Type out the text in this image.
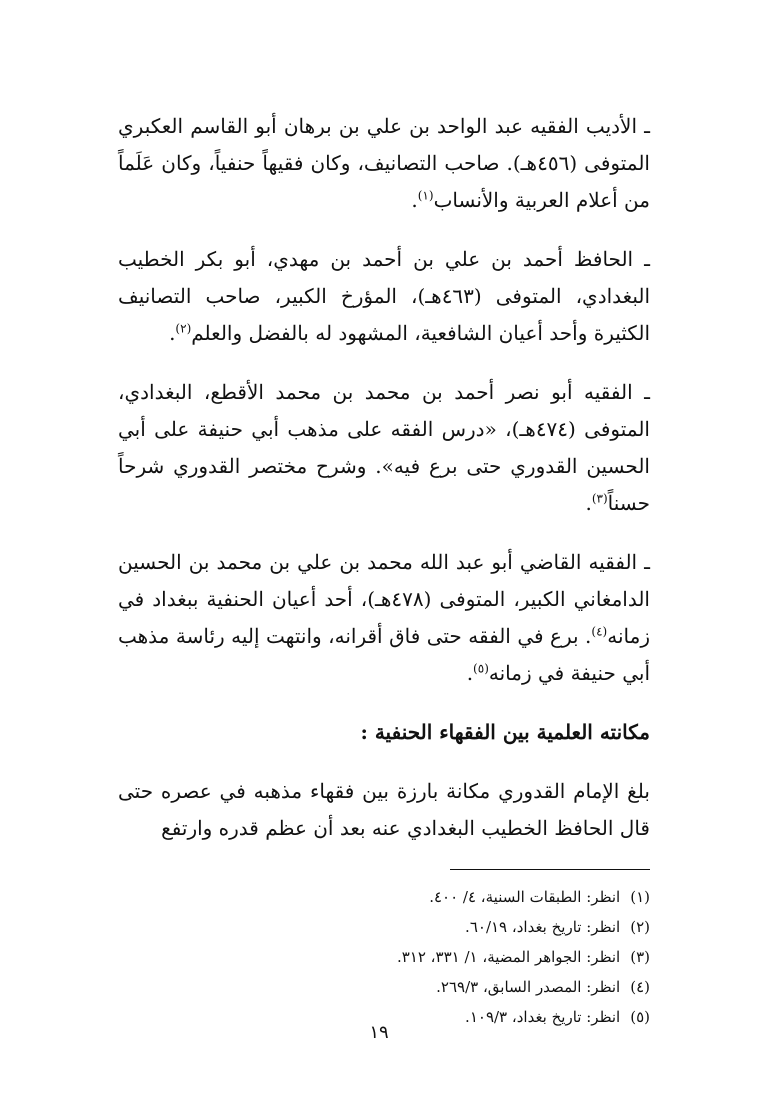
ـ الأديب الفقيه عبد الواحد بن علي بن برهان أبو القاسم العكبري المتوفى (٤٥٦هـ). صاحب التصانيف، وكان فقيهاً حنفياً، وكان عَلَماً من أعلام العربية والأنساب$^{(١)}$.

ـ الحافظ أحمد بن علي بن أحمد بن مهدي، أبو بكر الخطيب البغدادي، المتوفى (٤٦٣هـ)، المؤرخ الكبير، صاحب التصانيف الكثيرة وأحد أعيان الشافعية، المشهود له بالفضل والعلم$^{(٢)}$.

ـ الفقيه أبو نصر أحمد بن محمد بن محمد الأقطع، البغدادي، المتوفى (٤٧٤هـ)، «درس الفقه على مذهب أبي حنيفة على أبي الحسين القدوري حتى برع فيه». وشرح مختصر القدوري شرحاً حسناً$^{(٣)}$.

ـ الفقيه القاضي أبو عبد الله محمد بن علي بن محمد بن الحسين الدامغاني الكبير، المتوفى (٤٧٨هـ)، أحد أعيان الحنفية ببغداد في زمانه$^{(٤)}$. برع في الفقه حتى فاق أقرانه، وانتهت إليه رئاسة مذهب أبي حنيفة في زمانه$^{(٥)}$.

مكانته العلمية بين الفقهاء الحنفية :

بلغ الإمام القدوري مكانة بارزة بين فقهاء مذهبه في عصره حتى قال الحافظ الخطيب البغدادي عنه بعد أن عظم قدره وارتفع

(١)انظر: الطبقات السنية، ٤/ ٤٠٠.
(٢)انظر: تاريخ بغداد، ٦٠/١٩.
(٣)انظر: الجواهر المضية، ١/ ٣٣١، ٣١٢.
(٤)انظر: المصدر السابق، ٢٦٩/٣.
(٥)انظر: تاريخ بغداد، ١٠٩/٣.
١٩
